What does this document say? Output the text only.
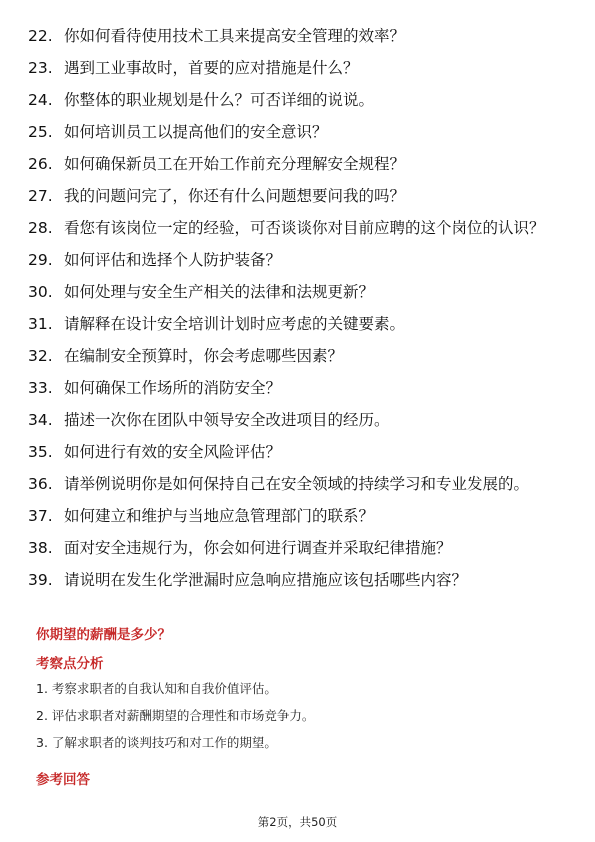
22. 你如何看待使用技术工具来提高安全管理的效率？
23. 遇到工业事故时，首要的应对措施是什么？
24. 你整体的职业规划是什么？可否详细的说说。
25. 如何培训员工以提高他们的安全意识？
26. 如何确保新员工在开始工作前充分理解安全规程？
27. 我的问题问完了，你还有什么问题想要问我的吗？
28. 看您有该岗位一定的经验，可否谈谈你对目前应聘的这个岗位的认识？
29. 如何评估和选择个人防护装备？
30. 如何处理与安全生产相关的法律和法规更新？
31. 请解释在设计安全培训计划时应考虑的关键要素。
32. 在编制安全预算时，你会考虑哪些因素？
33. 如何确保工作场所的消防安全？
34. 描述一次你在团队中领导安全改进项目的经历。
35. 如何进行有效的安全风险评估？
36. 请举例说明你是如何保持自己在安全领域的持续学习和专业发展的。
37. 如何建立和维护与当地应急管理部门的联系？
38. 面对安全违规行为，你会如何进行调查并采取纪律措施？
39. 请说明在发生化学泄漏时应急响应措施应该包括哪些内容？
你期望的薪酬是多少？
考察点分析
1. 考察求职者的自我认知和自我价值评估。
2. 评估求职者对薪酬期望的合理性和市场竞争力。
3. 了解求职者的谈判技巧和对工作的期望。
参考回答
第2页，共50页
